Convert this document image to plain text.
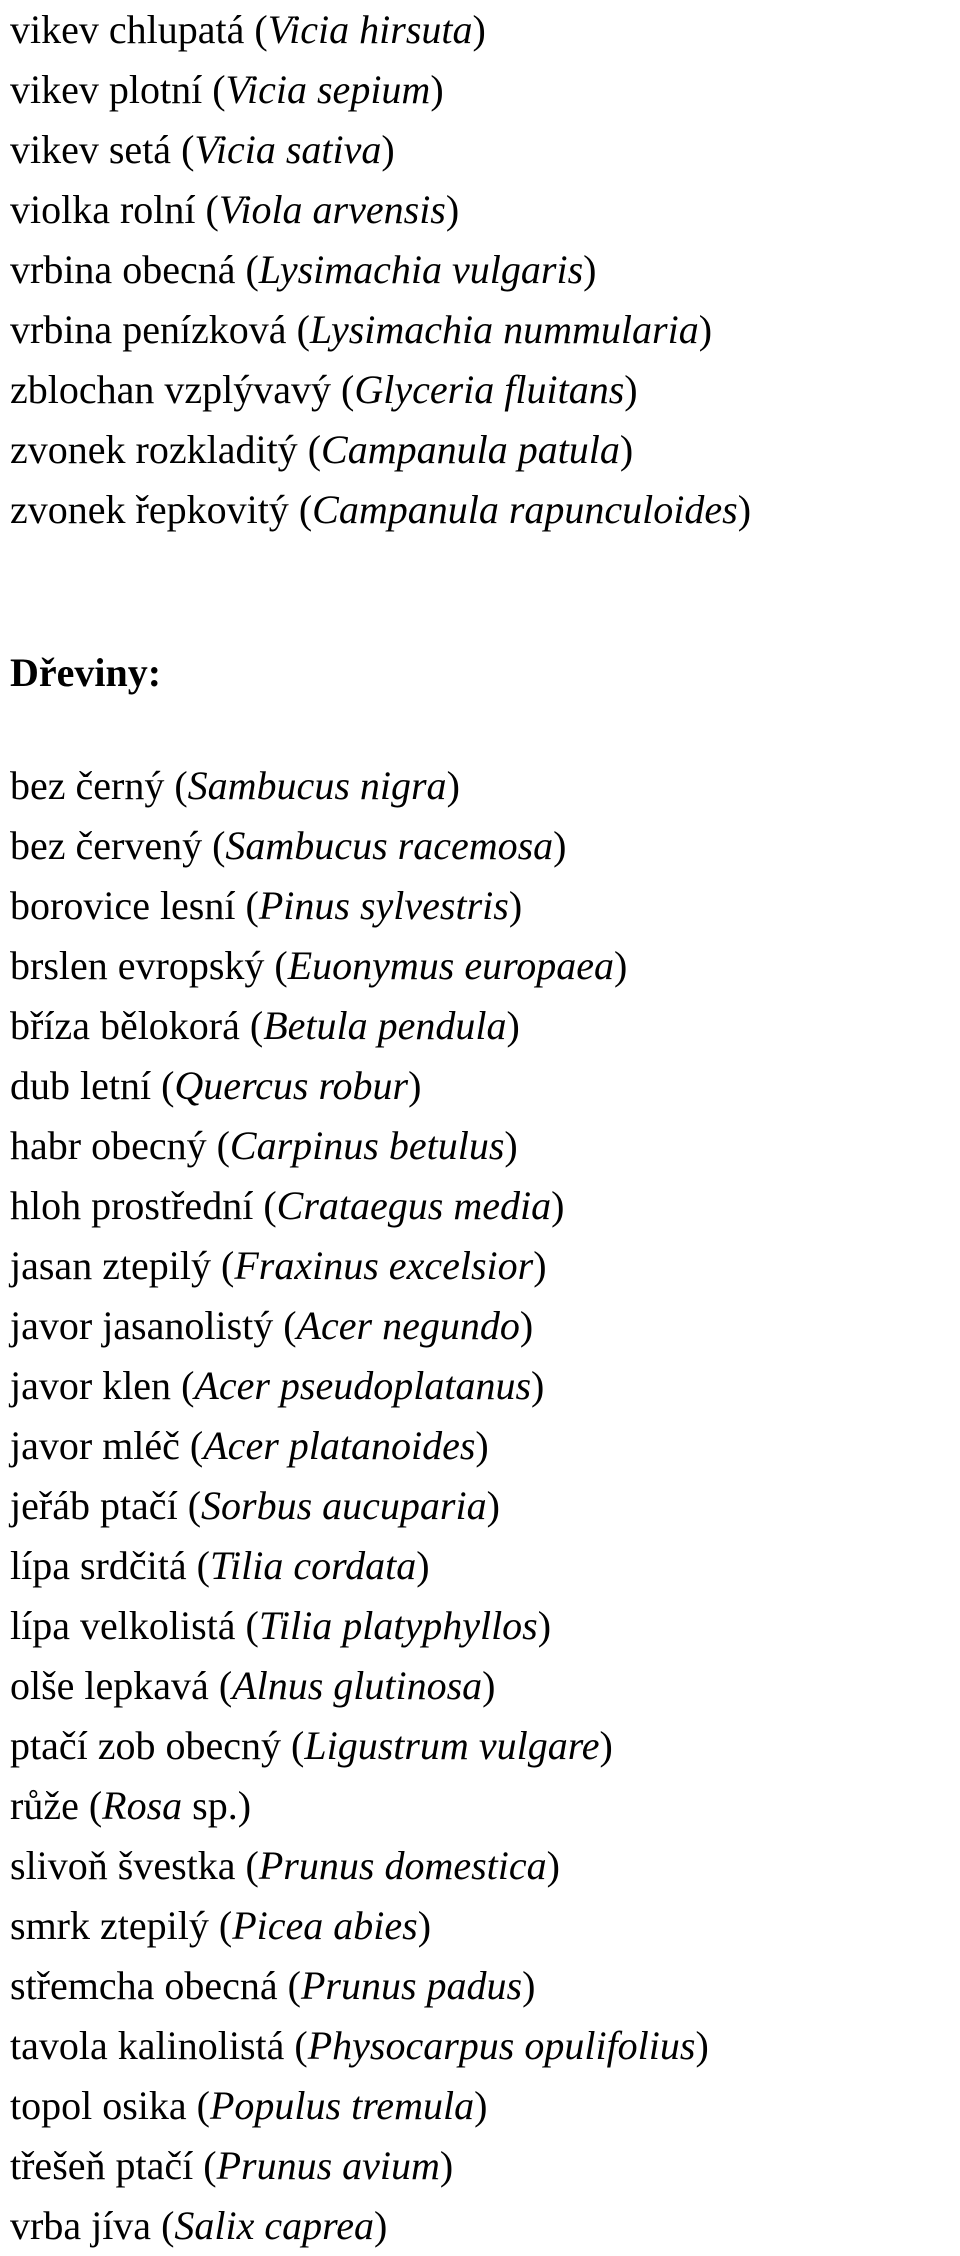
vikev chlupatá (Vicia hirsuta)
vikev plotní (Vicia sepium)
vikev setá (Vicia sativa)
violka rolní (Viola arvensis)
vrbina obecná (Lysimachia vulgaris)
vrbina penízková (Lysimachia nummularia)
zblochan vzplývavý (Glyceria fluitans)
zvonek rozkladitý (Campanula patula)
zvonek řepkovitý (Campanula rapunculoides)
Dřeviny:
bez černý (Sambucus nigra)
bez červený (Sambucus racemosa)
borovice lesní (Pinus sylvestris)
brslen evropský (Euonymus europaea)
bříza bělokorá (Betula pendula)
dub letní (Quercus robur)
habr obecný (Carpinus betulus)
hloh prostřední (Crataegus media)
jasan ztepilý (Fraxinus excelsior)
javor jasanolistý (Acer negundo)
javor klen (Acer pseudoplatanus)
javor mléč (Acer platanoides)
jeřáb ptačí (Sorbus aucuparia)
lípa srdčitá (Tilia cordata)
lípa velkolistá (Tilia platyphyllos)
olše lepkavá (Alnus glutinosa)
ptačí zob obecný (Ligustrum vulgare)
růže (Rosa sp.)
slivoň švestka (Prunus domestica)
smrk ztepilý (Picea abies)
střemcha obecná (Prunus padus)
tavola kalinolistá (Physocarpus opulifolius)
topol osika (Populus tremula)
třešeň ptačí (Prunus avium)
vrba jíva (Salix caprea)
